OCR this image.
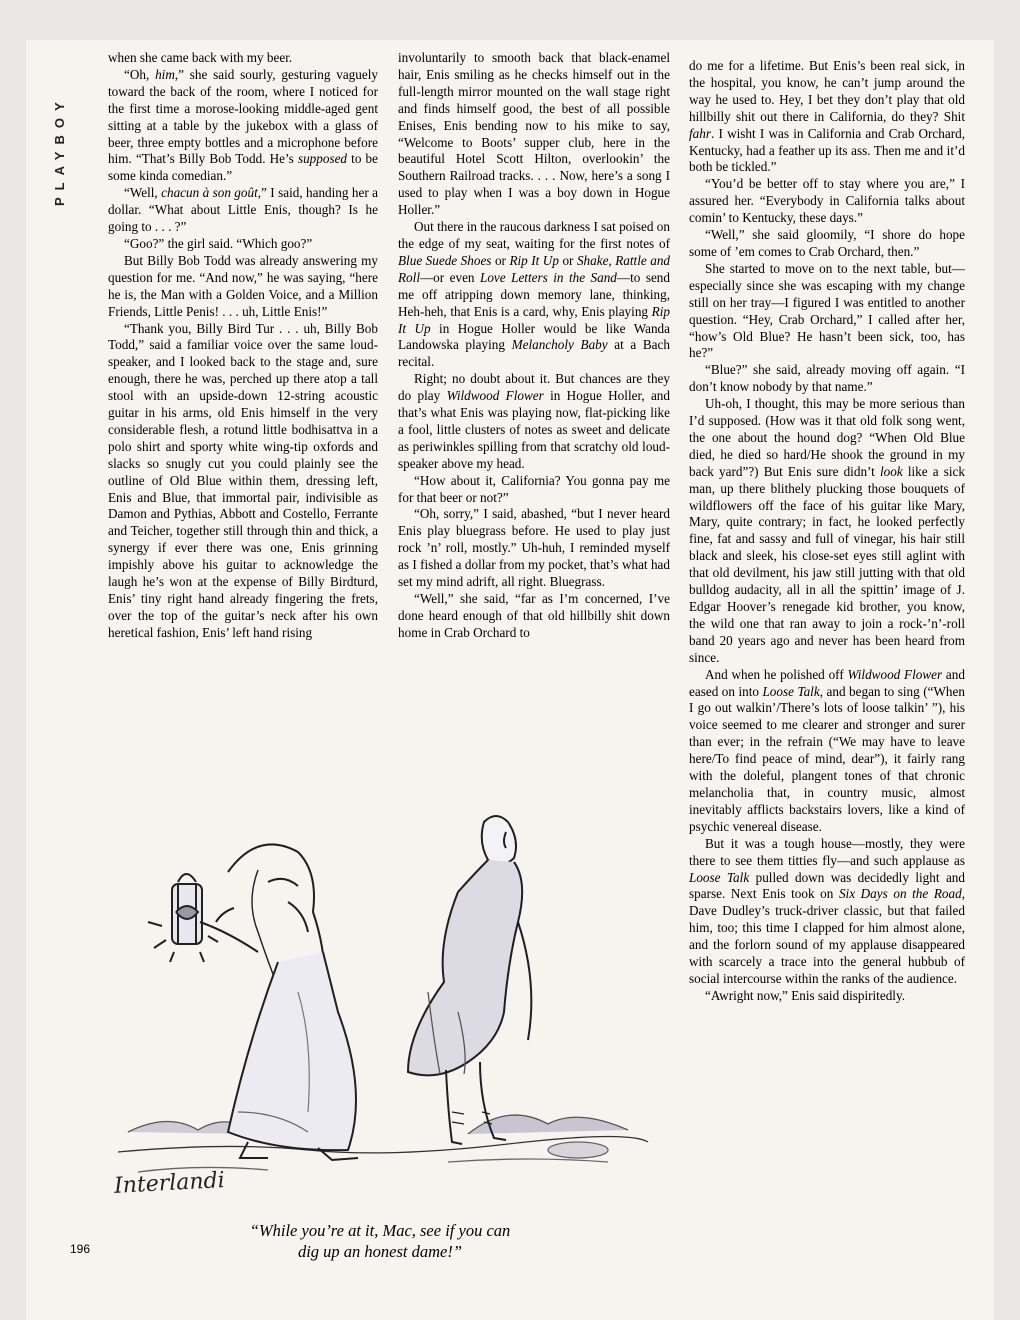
PLAYBOY

when she came back with my beer.

“Oh, him,” she said sourly, gesturing vaguely toward the back of the room, where I noticed for the first time a morose-looking middle-aged gent sitting at a table by the jukebox with a glass of beer, three empty bottles and a microphone before him. “That’s Billy Bob Todd. He’s supposed to be some kinda comedian.”

“Well, chacun à son goût,” I said, handing her a dollar. “What about Little Enis, though? Is he going to . . . ?”

“Goo?” the girl said. “Which goo?”

But Billy Bob Todd was already answering my question for me. “And now,” he was saying, “here he is, the Man with a Golden Voice, and a Million Friends, Little Penis! . . . uh, Little Enis!”

“Thank you, Billy Bird Tur . . . uh, Billy Bob Todd,” said a familiar voice over the same loud-speaker, and I looked back to the stage and, sure enough, there he was, perched up there atop a tall stool with an upside-down 12-string acoustic guitar in his arms, old Enis himself in the very considerable flesh, a rotund little bodhisattva in a polo shirt and sporty white wing-tip oxfords and slacks so snugly cut you could plainly see the outline of Old Blue within them, dressing left, Enis and Blue, that immortal pair, indivisible as Damon and Pythias, Abbott and Costello, Ferrante and Teicher, together still through thin and thick, a synergy if ever there was one, Enis grinning impishly above his guitar to acknowledge the laugh he’s won at the expense of Billy Birdturd, Enis’ tiny right hand already fingering the frets, over the top of the guitar’s neck after his own heretical fashion, Enis’ left hand rising

involuntarily to smooth back that black-enamel hair, Enis smiling as he checks himself out in the full-length mirror mounted on the wall stage right and finds himself good, the best of all possible Enises, Enis bending now to his mike to say, “Welcome to Boots’ supper club, here in the beautiful Hotel Scott Hilton, overlookin’ the Southern Railroad tracks. . . . Now, here’s a song I used to play when I was a boy down in Hogue Holler.”

Out there in the raucous darkness I sat poised on the edge of my seat, waiting for the first notes of Blue Suede Shoes or Rip It Up or Shake, Rattle and Roll—or even Love Letters in the Sand—to send me off atripping down memory lane, thinking, Heh-heh, that Enis is a card, why, Enis playing Rip It Up in Hogue Holler would be like Wanda Landowska playing Melancholy Baby at a Bach recital.

Right; no doubt about it. But chances are they do play Wildwood Flower in Hogue Holler, and that’s what Enis was playing now, flat-picking like a fool, little clusters of notes as sweet and delicate as periwinkles spilling from that scratchy old loud-speaker above my head.

“How about it, California? You gonna pay me for that beer or not?”

“Oh, sorry,” I said, abashed, “but I never heard Enis play bluegrass before. He used to play just rock ’n’ roll, mostly.” Uh-huh, I reminded myself as I fished a dollar from my pocket, that’s what had set my mind adrift, all right. Bluegrass.

“Well,” she said, “far as I’m concerned, I’ve done heard enough of that old hillbilly shit down home in Crab Orchard to

do me for a lifetime. But Enis’s been real sick, in the hospital, you know, he can’t jump around the way he used to. Hey, I bet they don’t play that old hillbilly shit out there in California, do they? Shit fahr. I wisht I was in California and Crab Orchard, Kentucky, had a feather up its ass. Then me and it’d both be tickled.”

“You’d be better off to stay where you are,” I assured her. “Everybody in California talks about comin’ to Kentucky, these days.”

“Well,” she said gloomily, “I shore do hope some of ’em comes to Crab Orchard, then.”

She started to move on to the next table, but—especially since she was escaping with my change still on her tray—I figured I was entitled to another question. “Hey, Crab Orchard,” I called after her, “how’s Old Blue? He hasn’t been sick, too, has he?”

“Blue?” she said, already moving off again. “I don’t know nobody by that name.”

Uh-oh, I thought, this may be more serious than I’d supposed. (How was it that old folk song went, the one about the hound dog? “When Old Blue died, he died so hard/He shook the ground in my back yard”?) But Enis sure didn’t look like a sick man, up there blithely plucking those bouquets of wildflowers off the face of his guitar like Mary, Mary, quite contrary; in fact, he looked perfectly fine, fat and sassy and full of vinegar, his hair still black and sleek, his close-set eyes still aglint with that old devilment, his jaw still jutting with that old bulldog audacity, all in all the spittin’ image of J. Edgar Hoover’s renegade kid brother, you know, the wild one that ran away to join a rock-’n’-roll band 20 years ago and never has been heard from since.

And when he polished off Wildwood Flower and eased on into Loose Talk, and began to sing (“When I go out walkin’/There’s lots of loose talkin’ ”), his voice seemed to me clearer and stronger and surer than ever; in the refrain (“We may have to leave here/To find peace of mind, dear”), it fairly rang with the doleful, plangent tones of that chronic melancholia that, in country music, almost inevitably afflicts backstairs lovers, like a kind of psychic venereal disease.

But it was a tough house—mostly, they were there to see them titties fly—and such applause as Loose Talk pulled down was decidedly light and sparse. Next Enis took on Six Days on the Road, Dave Dudley’s truck-driver classic, but that failed him, too; this time I clapped for him almost alone, and the forlorn sound of my applause disappeared with scarcely a trace into the general hubbub of social intercourse within the ranks of the audience.

“Awright now,” Enis said dispiritedly.

Interlandi
“While you’re at it, Mac, see if you can
dig up an honest dame!”
196
